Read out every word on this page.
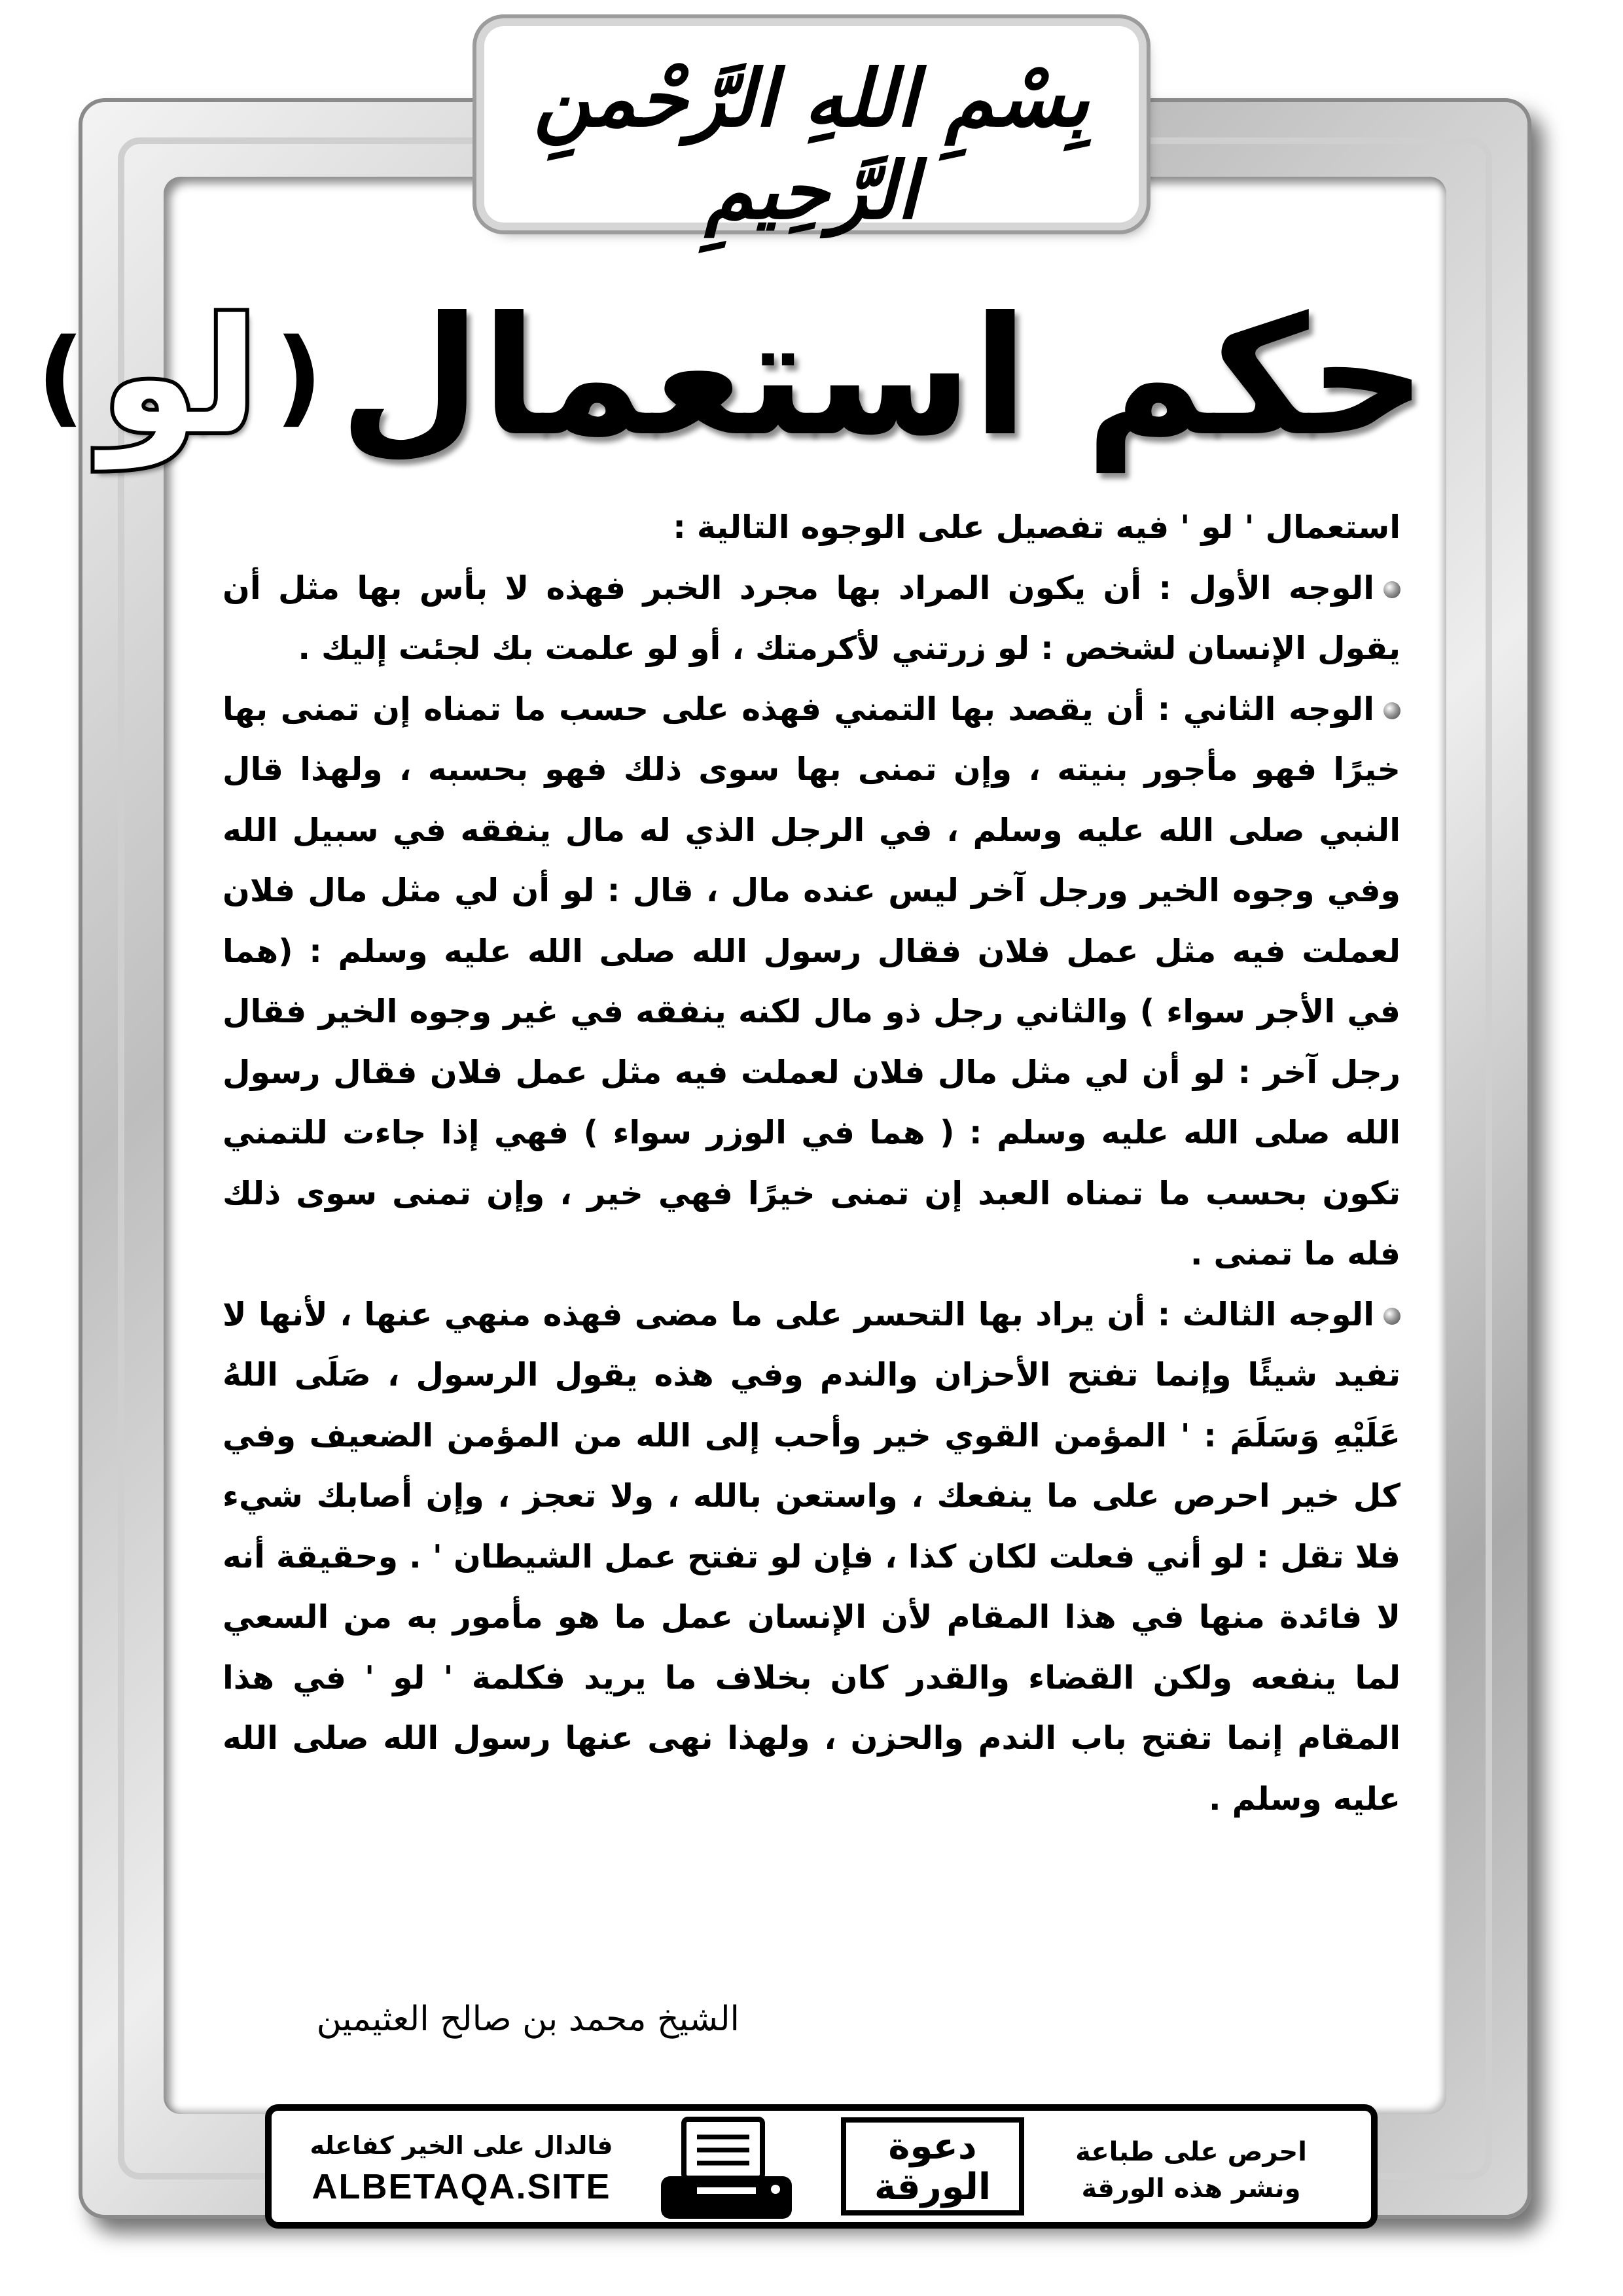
بِسْمِ اللهِ الرَّحْمنِ الرَّحِيمِ
حكم استعمال ( لو )

استعمال ' لو ' فيه تفصيل على الوجوه التالية :

الوجه الأول : أن يكون المراد بها مجرد الخبر فهذه لا بأس بها مثل أن يقول الإنسان لشخص : لو زرتني لأكرمتك ، أو لو علمت بك لجئت إليك .

الوجه الثاني : أن يقصد بها التمني فهذه على حسب ما تمناه إن تمنى بها خيرًا فهو مأجور بنيته ، وإن تمنى بها سوى ذلك فهو بحسبه ، ولهذا قال النبي صلى الله عليه وسلم ، في الرجل الذي له مال ينفقه في سبيل الله وفي وجوه الخير ورجل آخر ليس عنده مال ، قال : لو أن لي مثل مال فلان لعملت فيه مثل عمل فلان فقال رسول الله صلى الله عليه وسلم : (هما في الأجر سواء ) والثاني رجل ذو مال لكنه ينفقه في غير وجوه الخير فقال رجل آخر : لو أن لي مثل مال فلان لعملت فيه مثل عمل فلان فقال رسول الله صلى الله عليه وسلم : ( هما في الوزر سواء ) فهي إذا جاءت للتمني تكون بحسب ما تمناه العبد إن تمنى خيرًا فهي خير ، وإن تمنى سوى ذلك فله ما تمنى .

الوجه الثالث : أن يراد بها التحسر على ما مضى فهذه منهي عنها ، لأنها لا تفيد شيئًا وإنما تفتح الأحزان والندم وفي هذه يقول الرسول ، صَلَى اللهُ عَلَيْهِ وَسَلَمَ : ' المؤمن القوي خير وأحب إلى الله من المؤمن الضعيف وفي كل خير احرص على ما ينفعك ، واستعن بالله ، ولا تعجز ، وإن أصابك شيء فلا تقل : لو أني فعلت لكان كذا ، فإن لو تفتح عمل الشيطان ' . وحقيقة أنه لا فائدة منها في هذا المقام لأن الإنسان عمل ما هو مأمور به من السعي لما ينفعه ولكن القضاء والقدر كان بخلاف ما يريد فكلمة ' لو ' في هذا المقام إنما تفتح باب الندم والحزن ، ولهذا نهى عنها رسول الله صلى الله عليه وسلم .

الشيخ محمد بن صالح العثيمين
احرص على طباعة
ونشر هذه الورقة
دعوة
الورقة
فالدال على الخير كفاعله
ALBETAQA.SITE
